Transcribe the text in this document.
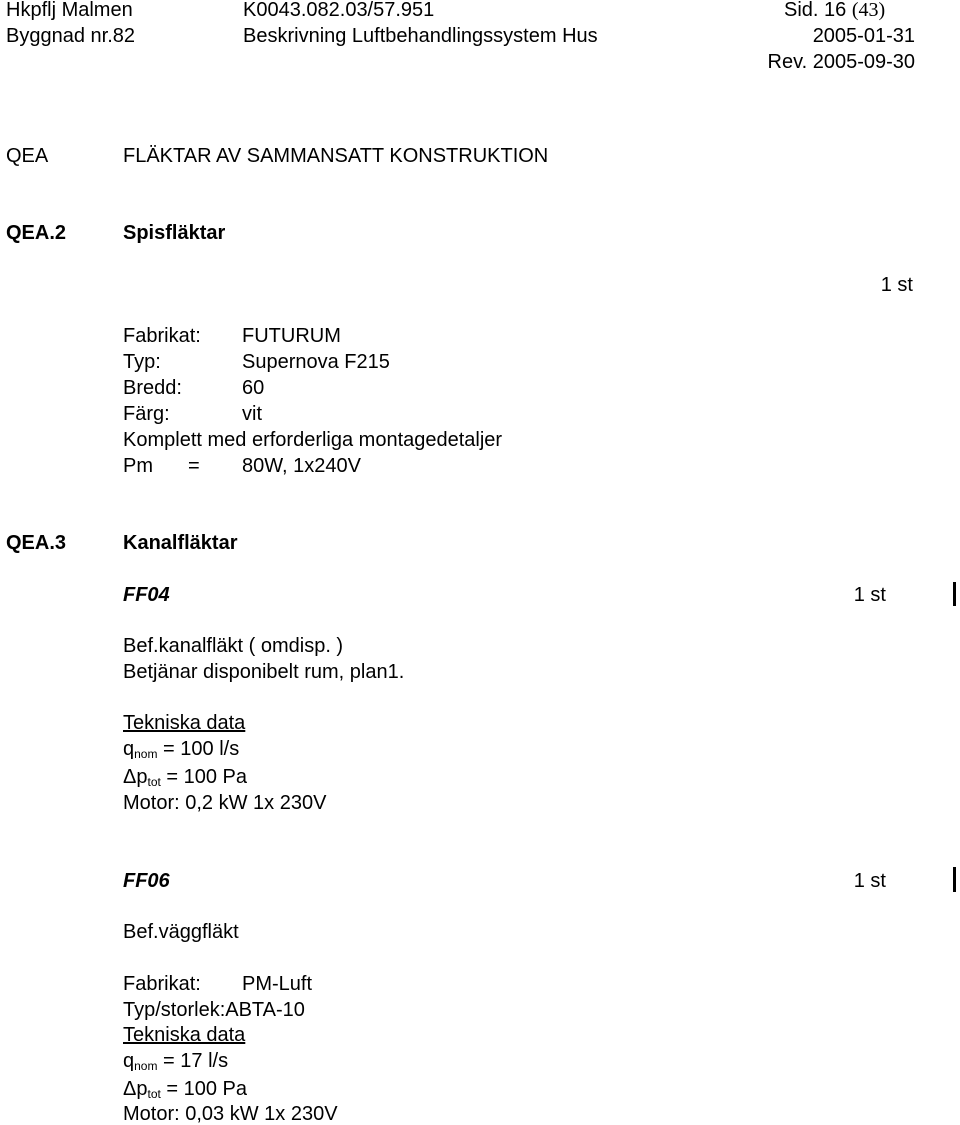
Hkpflj Malmen	K0043.082.03/57.951	Sid. 16 (43)
Byggnad nr.82	Beskrivning Luftbehandlingssystem Hus	2005-01-31
Rev. 2005-09-30
QEA	FLÄKTAR AV SAMMANSATT KONSTRUKTION
QEA.2	Spisfläktar
1 st
Fabrikat: FUTURUM
Typ:	Supernova F215
Bredd:	60
Färg:	vit
Komplett med erforderliga montagedetaljer
Pm = 80W, 1x240V
QEA.3	Kanalfläktar
FF04	1 st
Bef.kanalfläkt ( omdisp. )
Betjänar disponibelt rum, plan1.
Tekniska data
$q_{nom} = 100$ l/s
$\Delta p_{tot} = 100$ Pa
Motor: 0,2 kW 1x 230V
FF06	1 st
Bef.väggfläkt
Fabrikat: PM-Luft
Typ/storlek:ABTA-10
Tekniska data
$q_{nom} = 17$ l/s
$\Delta p_{tot} = 100$ Pa
Motor: 0,03 kW 1x 230V
